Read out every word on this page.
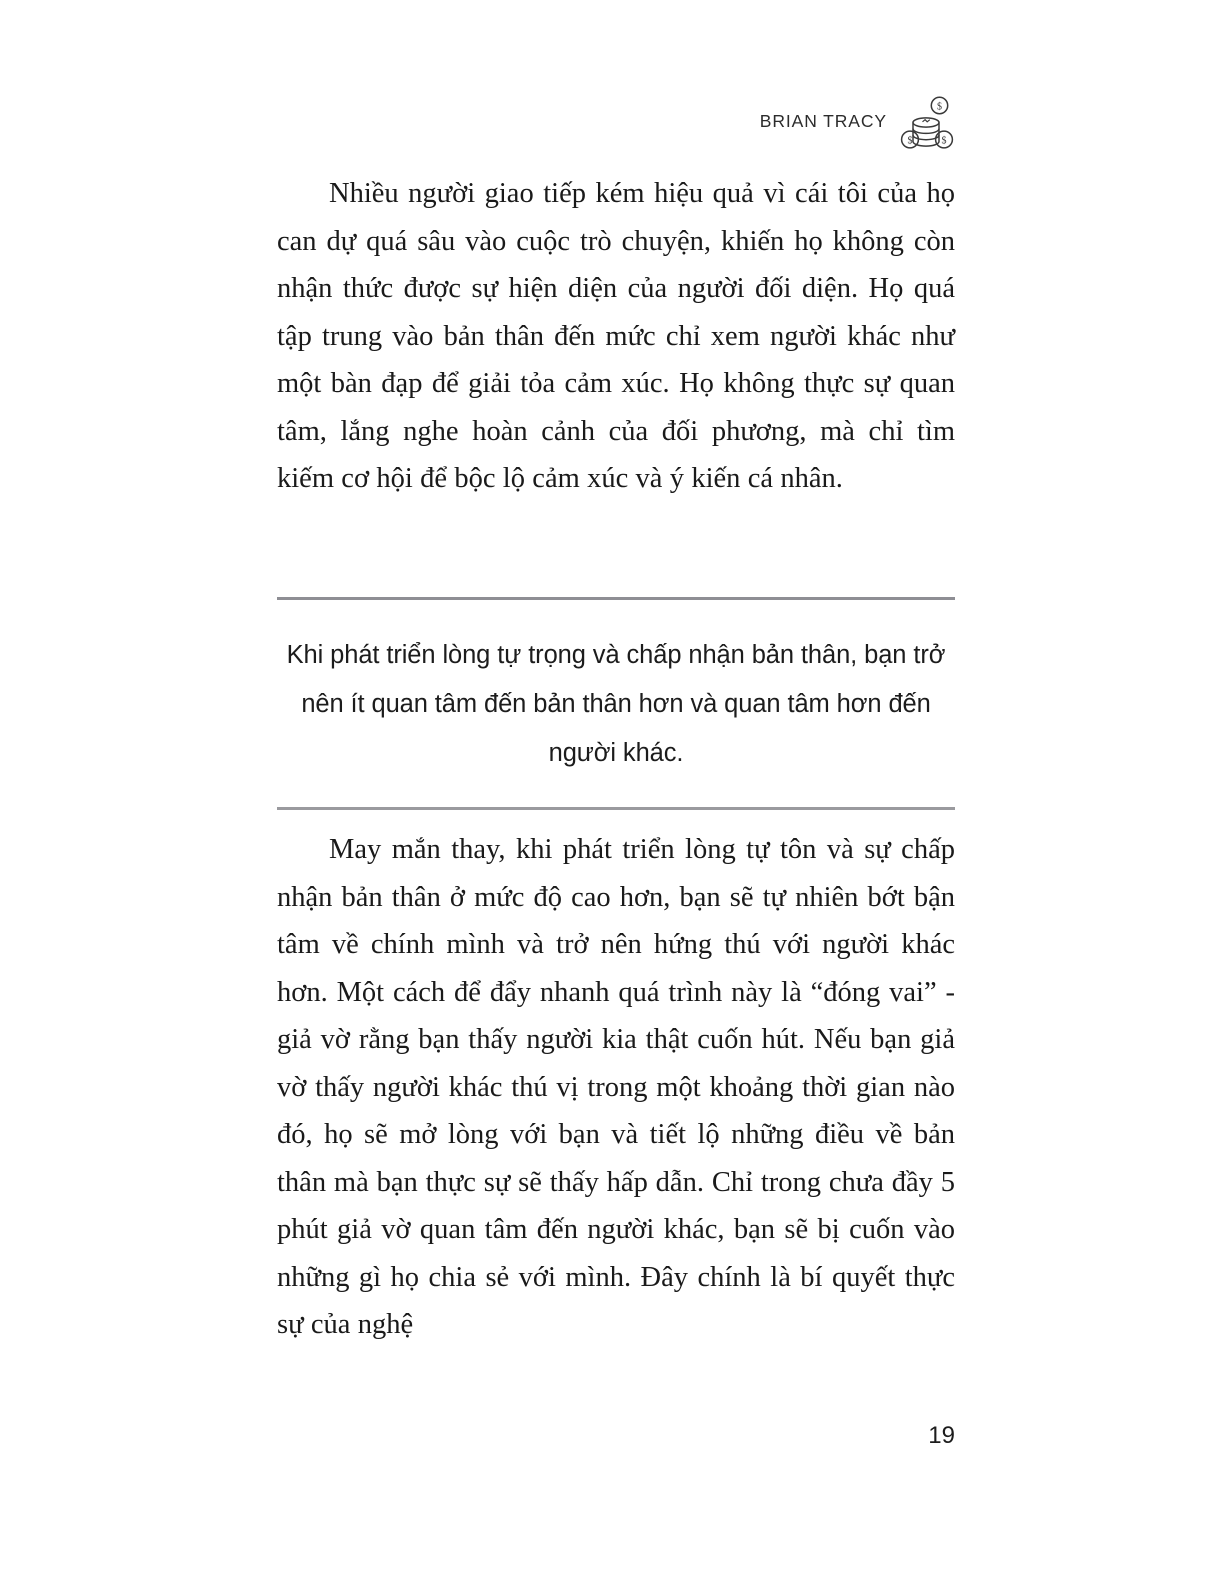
BRIAN TRACY
$
$	$

Nhiều người giao tiếp kém hiệu quả vì cái tôi của họ can dự quá sâu vào cuộc trò chuyện, khiến họ không còn nhận thức được sự hiện diện của người đối diện. Họ quá tập trung vào bản thân đến mức chỉ xem người khác như một bàn đạp để giải tỏa cảm xúc. Họ không thực sự quan tâm, lắng nghe hoàn cảnh của đối phương, mà chỉ tìm kiếm cơ hội để bộc lộ cảm xúc và ý kiến cá nhân.

Khi phát triển lòng tự trọng và chấp nhận bản thân, bạn trở nên ít quan tâm đến bản thân hơn và quan tâm hơn đến người khác.

May mắn thay, khi phát triển lòng tự tôn và sự chấp nhận bản thân ở mức độ cao hơn, bạn sẽ tự nhiên bớt bận tâm về chính mình và trở nên hứng thú với người khác hơn. Một cách để đẩy nhanh quá trình này là “đóng vai” - giả vờ rằng bạn thấy người kia thật cuốn hút. Nếu bạn giả vờ thấy người khác thú vị trong một khoảng thời gian nào đó, họ sẽ mở lòng với bạn và tiết lộ những điều về bản thân mà bạn thực sự sẽ thấy hấp dẫn. Chỉ trong chưa đầy 5 phút giả vờ quan tâm đến người khác, bạn sẽ bị cuốn vào những gì họ chia sẻ với mình. Đây chính là bí quyết thực sự của nghệ

19
